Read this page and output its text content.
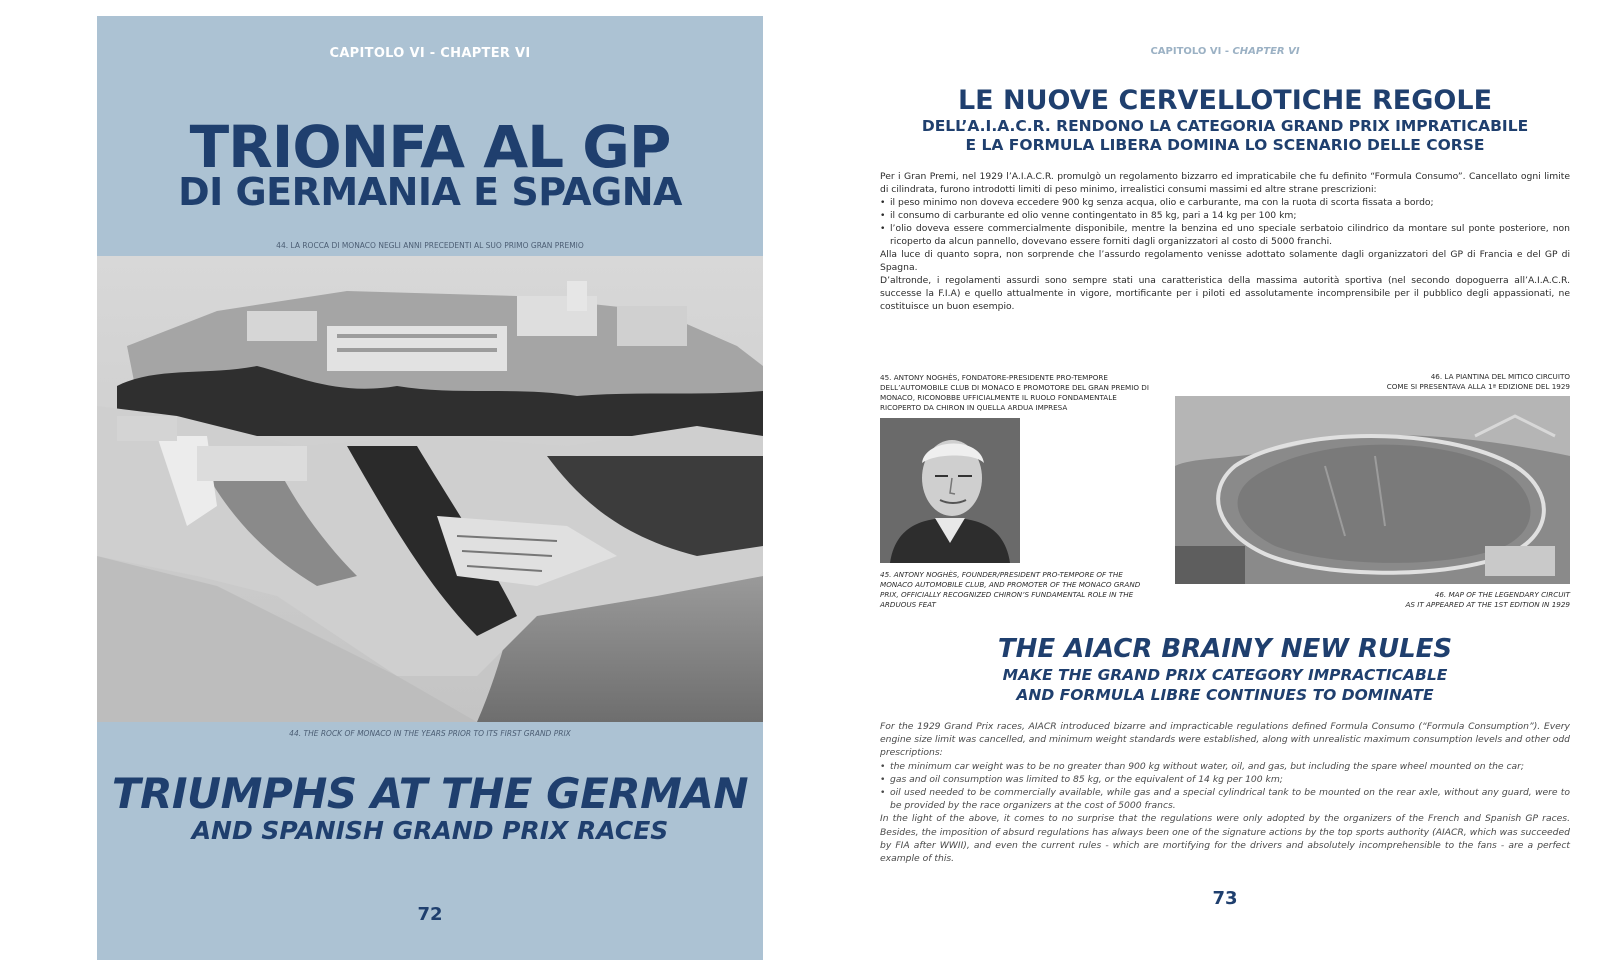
CAPITOLO VI - CHAPTER VI
TRIONFA AL GP
DI GERMANIA E SPAGNA
44. LA ROCCA DI MONACO NEGLI ANNI PRECEDENTI AL SUO PRIMO GRAN PREMIO
44. THE ROCK OF MONACO IN THE YEARS PRIOR TO ITS FIRST GRAND PRIX
TRIUMPHS AT THE GERMAN
AND SPANISH GRAND PRIX RACES
72
CAPITOLO VI - CHAPTER VI
LE NUOVE CERVELLOTICHE REGOLE
DELL’A.I.A.C.R. RENDONO LA CATEGORIA GRAND PRIX IMPRATICABILE
E LA FORMULA LIBERA DOMINA LO SCENARIO DELLE CORSE

Per i Gran Premi, nel 1929 l’A.I.A.C.R. promulgò un regolamento bizzarro ed impraticabile che fu definito “Formula Consumo”. Cancellato ogni limite di cilindrata, furono introdotti limiti di peso minimo, irrealistici consumi massimi ed altre strane prescrizioni:

• il peso minimo non doveva eccedere 900 kg senza acqua, olio e carburante, ma con la ruota di scorta fissata a bordo;
• il consumo di carburante ed olio venne contingentato in 85 kg, pari a 14 kg per 100 km;
• l’olio doveva essere commercialmente disponibile, mentre la benzina ed uno speciale serbatoio cilindrico da montare sul ponte posteriore, non ricoperto da alcun pannello, dovevano essere forniti dagli organizzatori al costo di 5000 franchi.

Alla luce di quanto sopra, non sorprende che l’assurdo regolamento venisse adottato solamente dagli organizzatori del GP di Francia e del GP di Spagna.

D’altronde, i regolamenti assurdi sono sempre stati una caratteristica della massima autorità sportiva (nel secondo dopoguerra all’A.I.A.C.R. successe la F.I.A) e quello attualmente in vigore, mortificante per i piloti ed assolutamente incomprensibile per il pubblico degli appassionati, ne costituisce un buon esempio.

45. ANTONY NOGHÈS, FONDATORE-PRESIDENTE PRO-TEMPORE DELL’AUTOMOBILE CLUB DI MONACO E PROMOTORE DEL GRAN PREMIO DI MONACO, RICONOBBE UFFICIALMENTE IL RUOLO FONDAMENTALE RICOPERTO DA CHIRON IN QUELLA ARDUA IMPRESA
45. ANTONY NOGHÈS, FOUNDER/PRESIDENT PRO-TEMPORE OF THE MONACO AUTOMOBILE CLUB, AND PROMOTER OF THE MONACO GRAND PRIX, OFFICIALLY RECOGNIZED CHIRON’S FUNDAMENTAL ROLE IN THE ARDUOUS FEAT
46. LA PIANTINA DEL MITICO CIRCUITO
COME SI PRESENTAVA ALLA 1ª EDIZIONE DEL 1929
46. MAP OF THE LEGENDARY CIRCUIT
AS IT APPEARED AT THE 1ST EDITION IN 1929
THE AIACR BRAINY NEW RULES
MAKE THE GRAND PRIX CATEGORY IMPRACTICABLE
AND FORMULA LIBRE CONTINUES TO DOMINATE

For the 1929 Grand Prix races, AIACR introduced bizarre and impracticable regulations defined Formula Consumo (“Formula Consumption”). Every engine size limit was cancelled, and minimum weight standards were established, along with unrealistic maximum consumption levels and other odd prescriptions:

• the minimum car weight was to be no greater than 900 kg without water, oil, and gas, but including the spare wheel mounted on the car;
• gas and oil consumption was limited to 85 kg, or the equivalent of 14 kg per 100 km;
• oil used needed to be commercially available, while gas and a special cylindrical tank to be mounted on the rear axle, without any guard, were to be provided by the race organizers at the cost of 5000 francs.

In the light of the above, it comes to no surprise that the regulations were only adopted by the organizers of the French and Spanish GP races. Besides, the imposition of absurd regulations has always been one of the signature actions by the top sports authority (AIACR, which was succeeded by FIA after WWII), and even the current rules - which are mortifying for the drivers and absolutely incomprehensible to the fans - are a perfect example of this.

73
